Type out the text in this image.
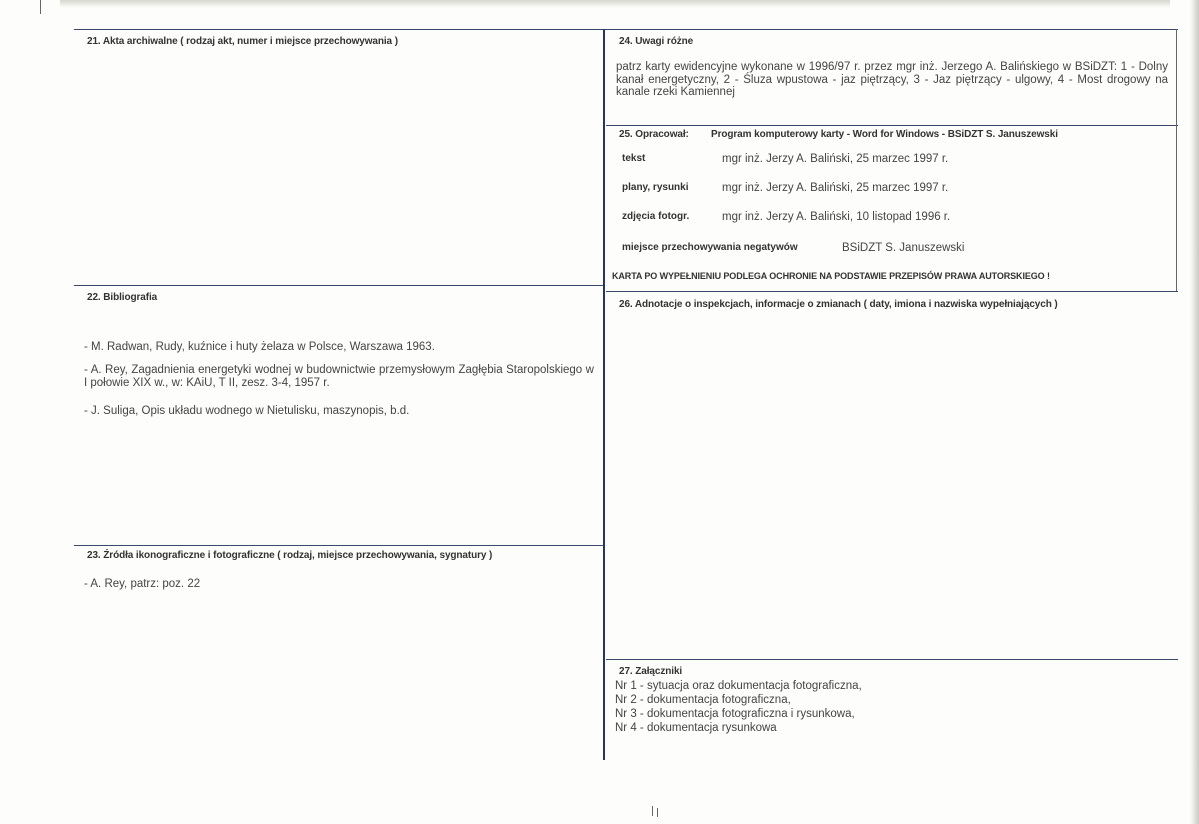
21. Akta archiwalne ( rodzaj akt, numer i miejsce przechowywania )
22. Bibliografia
- M. Radwan, Rudy, kuźnice i huty żelaza w Polsce, Warszawa 1963.
- A. Rey, Zagadnienia energetyki wodnej w budownictwie przemysłowym Zagłębia Staropolskiego w I połowie XIX w., w: KAiU, T II, zesz. 3-4, 1957 r.
- J. Suliga, Opis układu wodnego w Nietulisku, maszynopis, b.d.
23. Źródła ikonograficzne i fotograficzne ( rodzaj, miejsce przechowywania, sygnatury )
- A. Rey, patrz: poz. 22
24. Uwagi różne
patrz karty ewidencyjne wykonane w 1996/97 r. przez mgr inż. Jerzego A. Balińskiego w BSiDZT: 1 - Dolny kanał energetyczny, 2 - Śluza wpustowa - jaz piętrzący, 3 - Jaz piętrzący - ulgowy, 4 - Most drogowy na kanale rzeki Kamiennej
25. Opracował: Program komputerowy karty - Word for Windows - BSiDZT S. Januszewski
tekst	mgr inż. Jerzy A. Baliński, 25 marzec 1997 r.
plany, rysunki	mgr inż. Jerzy A. Baliński, 25 marzec 1997 r.
zdjęcia fotogr.	mgr inż. Jerzy A. Baliński, 10 listopad 1996 r.
miejsce przechowywania negatywów	BSiDZT S. Januszewski
KARTA PO WYPEŁNIENIU PODLEGA OCHRONIE NA PODSTAWIE PRZEPISÓW PRAWA AUTORSKIEGO !
26. Adnotacje o inspekcjach, informacje o zmianach ( daty, imiona i nazwiska wypełniających )
27. Załączniki
Nr 1 - sytuacja oraz dokumentacja fotograficzna,
Nr 2 - dokumentacja fotograficzna,
Nr 3 - dokumentacja fotograficzna i rysunkowa,
Nr 4 - dokumentacja rysunkowa
